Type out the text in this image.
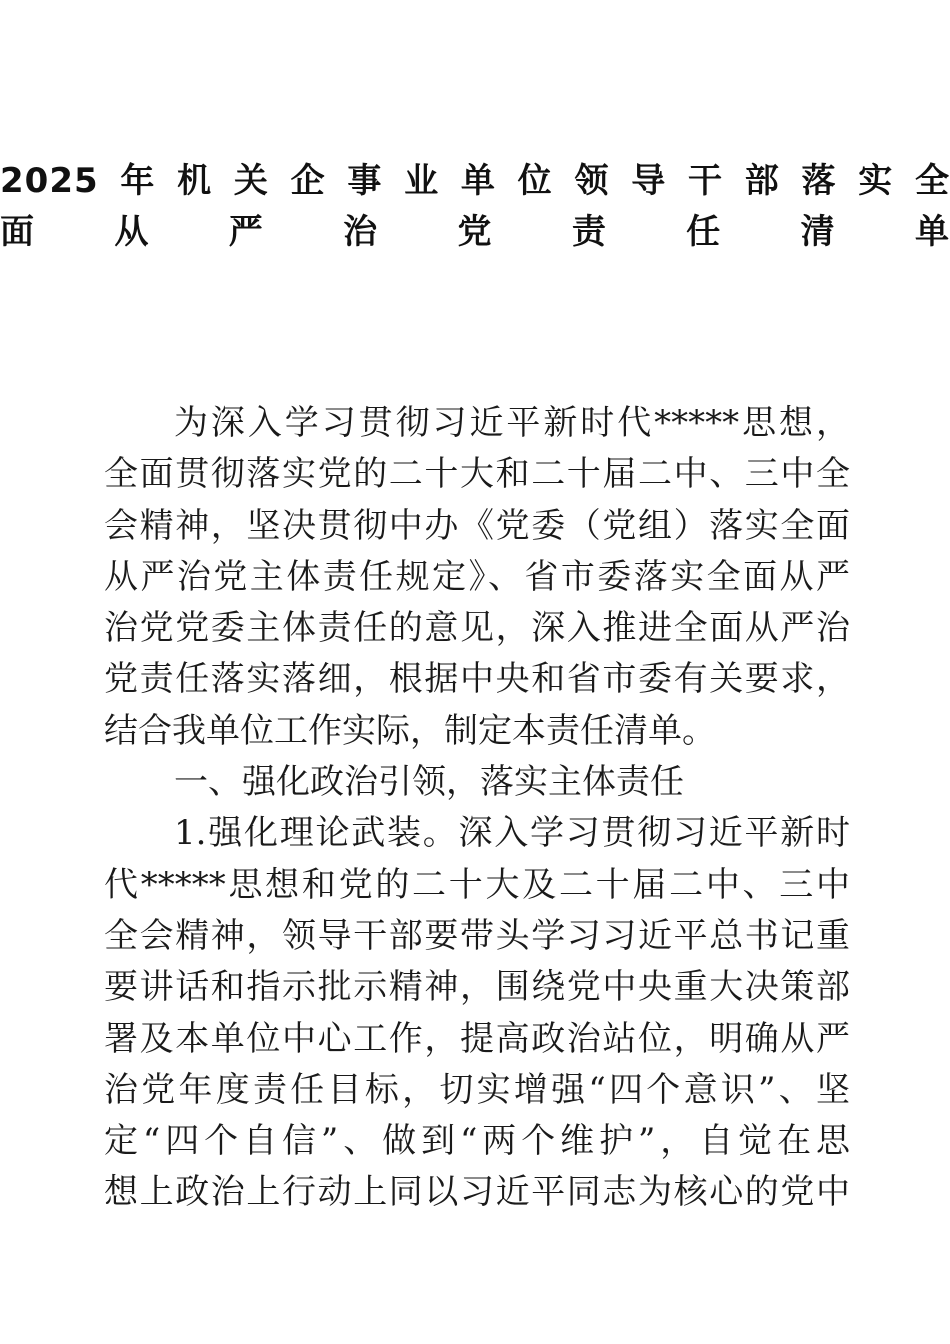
2025年机关企事业单位领导干部落实全
面从严治党责任清单
为深入学习贯彻习近平新时代*****思想，
全面贯彻落实党的二十大和二十届二中、三中全
会精神，坚决贯彻中办《党委（党组）落实全面
从严治党主体责任规定》、省市委落实全面从严
治党党委主体责任的意见，深入推进全面从严治
党责任落实落细，根据中央和省市委有关要求，
结合我单位工作实际，制定本责任清单。
一、强化政治引领，落实主体责任
1.强化理论武装。深入学习贯彻习近平新时
代*****思想和党的二十大及二十届二中、三中
全会精神，领导干部要带头学习习近平总书记重
要讲话和指示批示精神，围绕党中央重大决策部
署及本单位中心工作，提高政治站位，明确从严
治党年度责任目标，切实增强“四个意识”、坚
定“四个自信”、做到“两个维护”，自觉在思
想上政治上行动上同以习近平同志为核心的党中
